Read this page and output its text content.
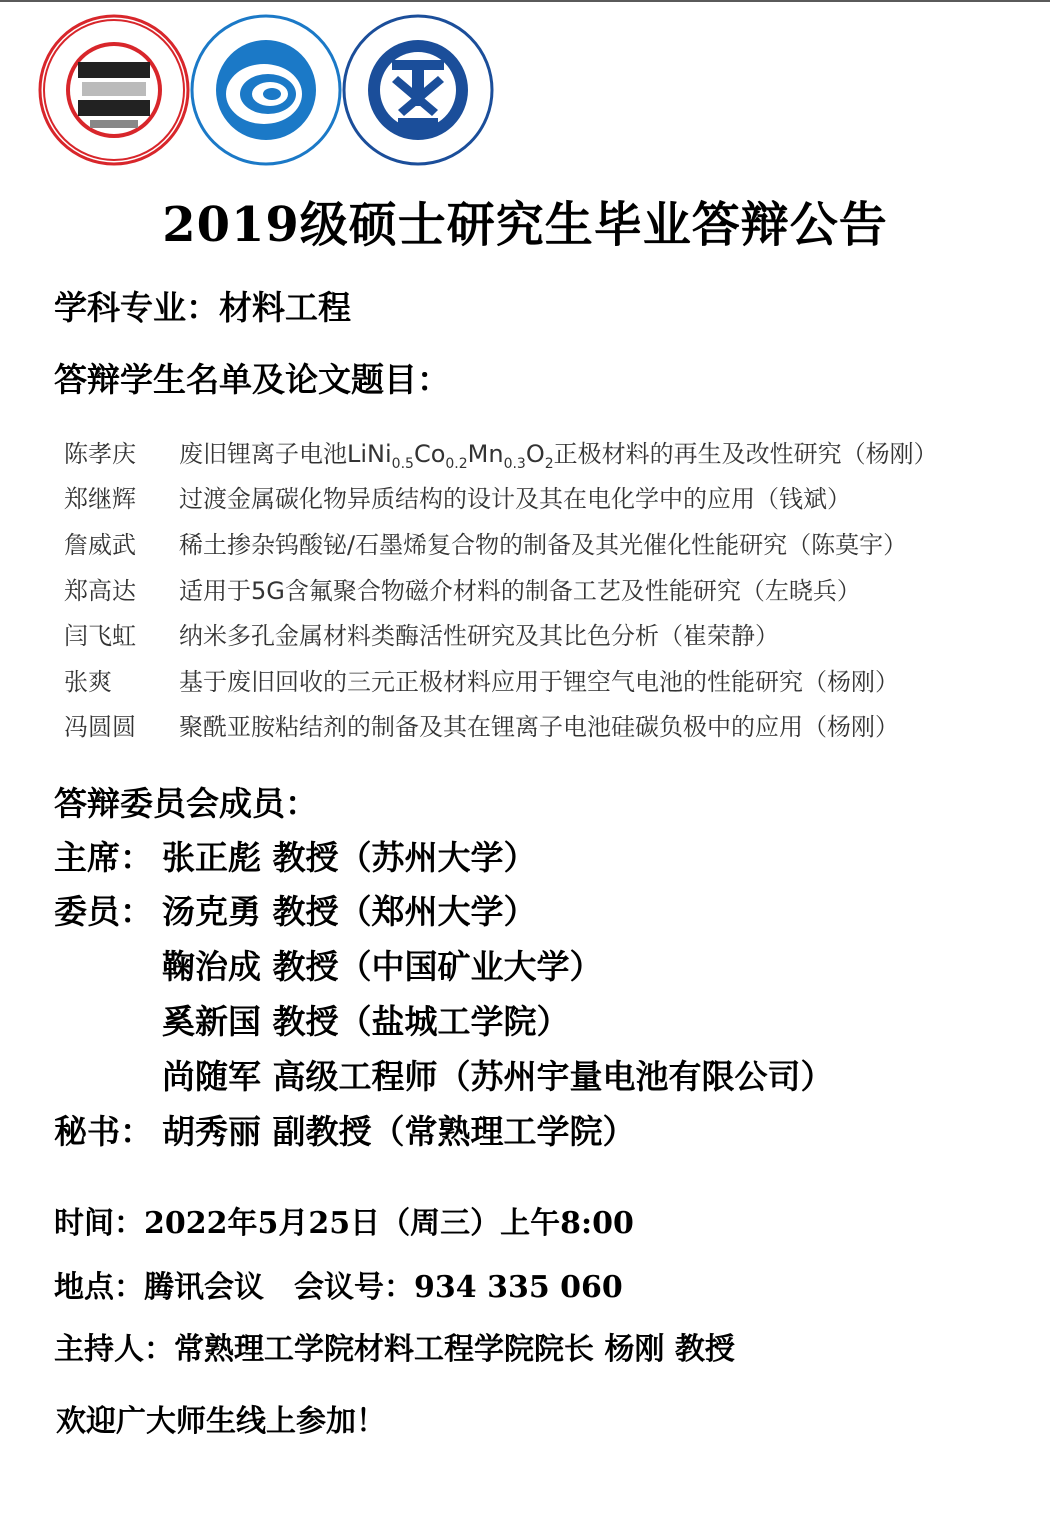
2019级硕士研究生毕业答辩公告
学科专业：材料工程
答辩学生名单及论文题目：
陈孝庆	废旧锂离子电池$LiNi_{0.5}Co_{0.2}Mn_{0.3}O_2$正极材料的再生及改性研究（杨刚）
郑继辉	过渡金属碳化物异质结构的设计及其在电化学中的应用（钱斌）
詹威武	稀土掺杂钨酸铋/石墨烯复合物的制备及其光催化性能研究（陈莫宇）
郑高达	适用于5G含氟聚合物磁介材料的制备工艺及性能研究（左晓兵）
闫飞虹	纳米多孔金属材料类酶活性研究及其比色分析（崔荣静）
张爽	基于废旧回收的三元正极材料应用于锂空气电池的性能研究（杨刚）
冯圆圆	聚酰亚胺粘结剂的制备及其在锂离子电池硅碳负极中的应用（杨刚）
答辩委员会成员：
主席： 张正彪 教授（苏州大学）
委员： 汤克勇 教授（郑州大学）
鞠治成 教授（中国矿业大学）
奚新国 教授（盐城工学院）
尚随军 高级工程师（苏州宇量电池有限公司）
秘书： 胡秀丽 副教授（常熟理工学院）
时间：2022年5月25日（周三）上午8:00
地点：腾讯会议　会议号：934 335 060
主持人：常熟理工学院材料工程学院院长 杨刚 教授
欢迎广大师生线上参加！
